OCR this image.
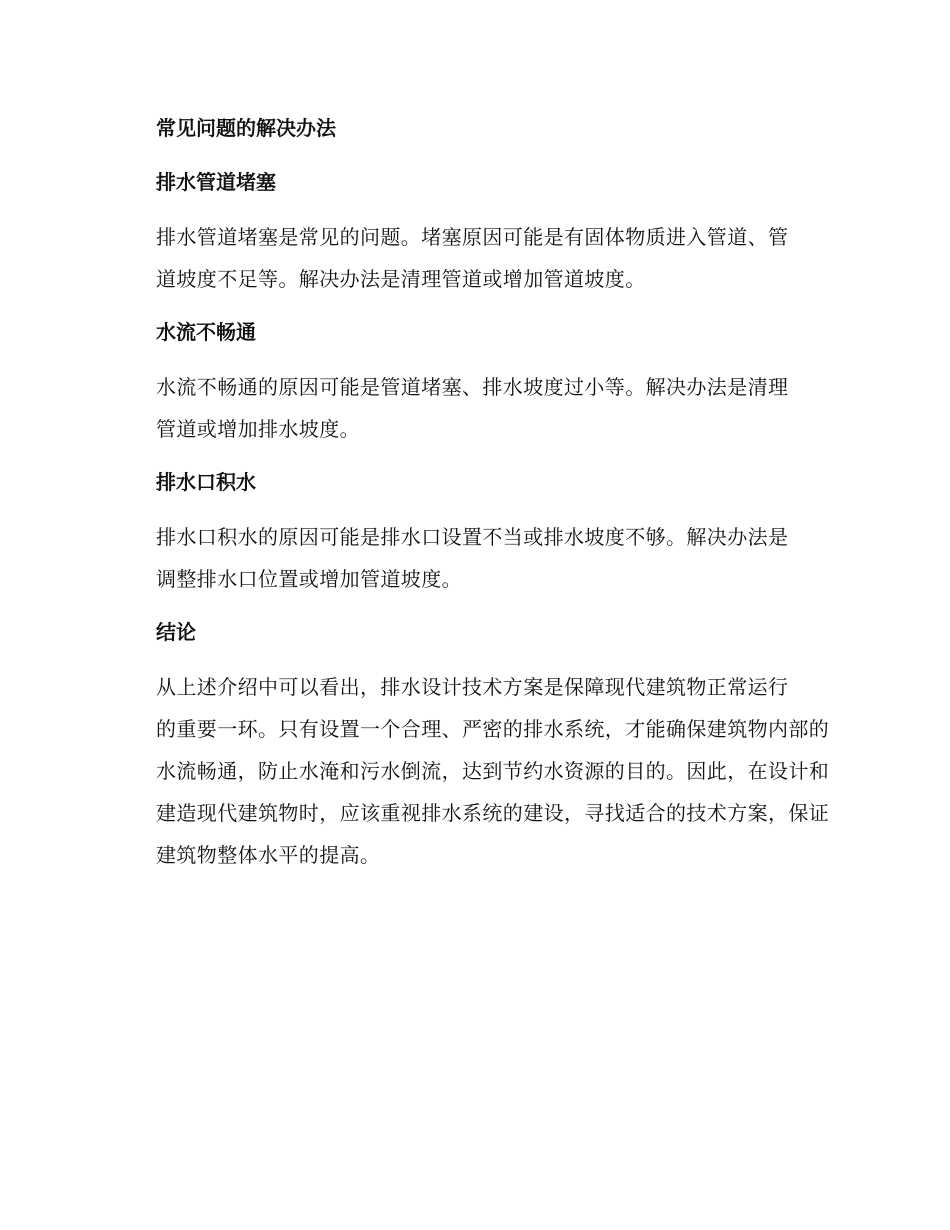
常见问题的解决办法
排水管道堵塞
排水管道堵塞是常见的问题。堵塞原因可能是有固体物质进入管道、管
道坡度不足等。解决办法是清理管道或增加管道坡度。
水流不畅通
水流不畅通的原因可能是管道堵塞、排水坡度过小等。解决办法是清理
管道或增加排水坡度。
排水口积水
排水口积水的原因可能是排水口设置不当或排水坡度不够。解决办法是
调整排水口位置或增加管道坡度。
结论
从上述介绍中可以看出，排水设计技术方案是保障现代建筑物正常运行
的重要一环。只有设置一个合理、严密的排水系统，才能确保建筑物内部的
水流畅通，防止水淹和污水倒流，达到节约水资源的目的。因此，在设计和
建造现代建筑物时，应该重视排水系统的建设，寻找适合的技术方案，保证
建筑物整体水平的提高。
